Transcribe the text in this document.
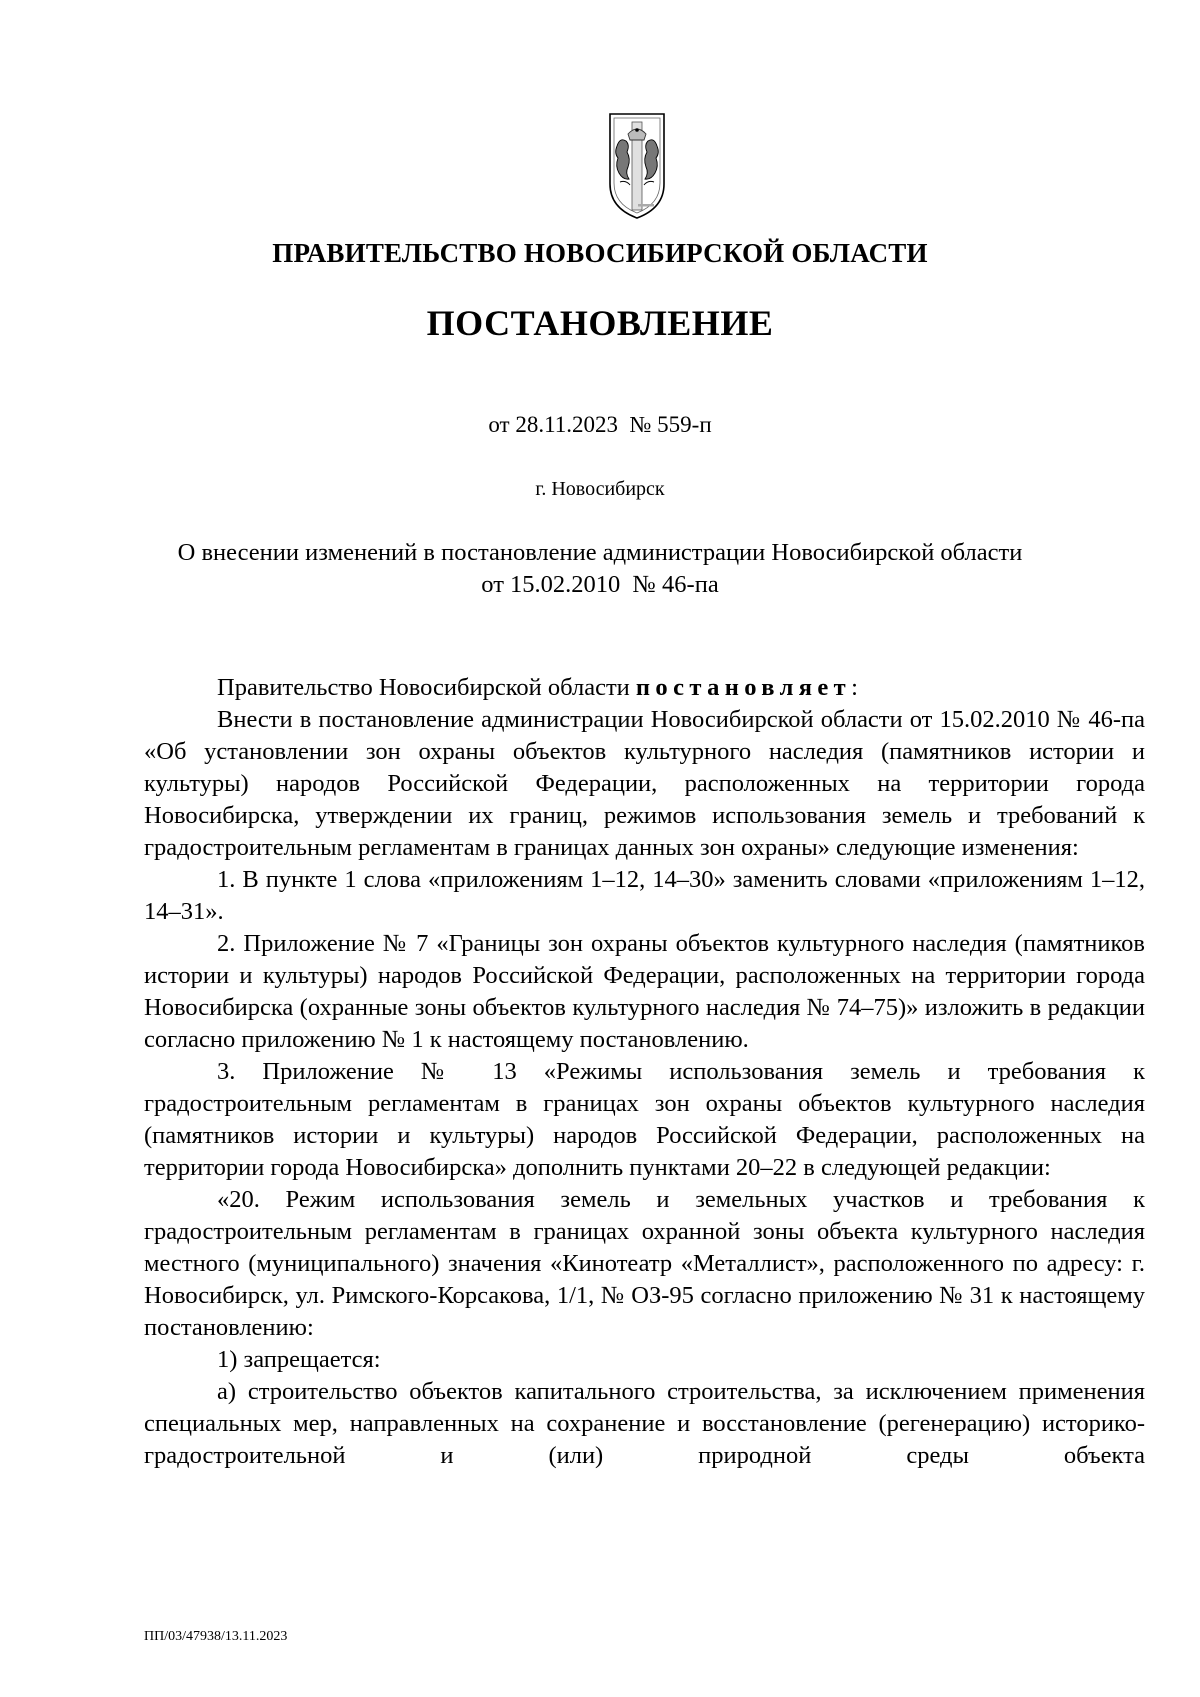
ПРАВИТЕЛЬСТВО НОВОСИБИРСКОЙ ОБЛАСТИ
ПОСТАНОВЛЕНИЕ
от 28.11.2023 № 559-п
г. Новосибирск
О внесении изменений в постановление администрации Новосибирской области
от 15.02.2010  № 46-па

Правительство Новосибирской области постановляет:

Внести в постановление администрации Новосибирской области от 15.02.2010 № 46-па «Об установлении зон охраны объектов культурного наследия (памятников истории и культуры) народов Российской Федерации, расположенных на территории города Новосибирска, утверждении их границ, режимов использования земель и требований к градостроительным регламентам в границах данных зон охраны» следующие изменения:

1. В пункте 1 слова «приложениям 1–12, 14–30» заменить словами «приложениям 1–12, 14–31».

2. Приложение № 7 «Границы зон охраны объектов культурного наследия (памятников истории и культуры) народов Российской Федерации, расположенных на территории города Новосибирска (охранные зоны объектов культурного наследия № 74–75)» изложить в редакции согласно приложению № 1 к настоящему постановлению.

3. Приложение № 13 «Режимы использования земель и требования к градостроительным регламентам в границах зон охраны объектов культурного наследия (памятников истории и культуры) народов Российской Федерации, расположенных на территории города Новосибирска» дополнить пунктами 20–22 в следующей редакции:

«20. Режим использования земель и земельных участков и требования к градостроительным регламентам в границах охранной зоны объекта культурного наследия местного (муниципального) значения «Кинотеатр «Металлист», расположенного по адресу: г. Новосибирск, ул. Римского-Корсакова, 1/1, № ОЗ-95 согласно приложению № 31 к настоящему постановлению:

1) запрещается:

а) строительство объектов капитального строительства, за исключением применения специальных мер, направленных на сохранение и восстановление (регенерацию) историко-градостроительной и (или) природной среды объекта

ПП/03/47938/13.11.2023
